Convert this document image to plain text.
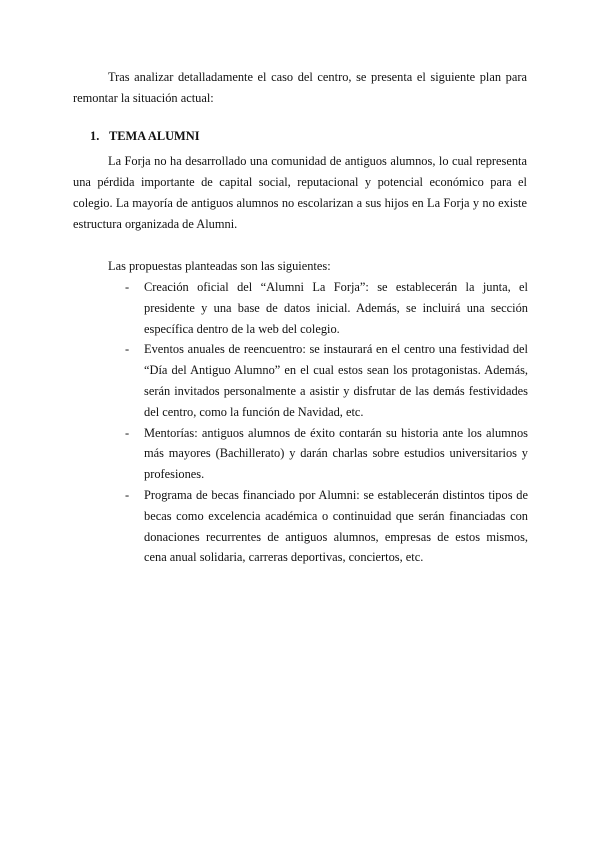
Tras analizar detalladamente el caso del centro, se presenta el siguiente plan para remontar la situación actual:

1. TEMA ALUMNI

La Forja no ha desarrollado una comunidad de antiguos alumnos, lo cual representa una pérdida importante de capital social, reputacional y potencial económico para el colegio. La mayoría de antiguos alumnos no escolarizan a sus hijos en La Forja y no existe estructura organizada de Alumni.

Las propuestas planteadas son las siguientes:

- Creación oficial del “Alumni La Forja”: se establecerán la junta, el presidente y una base de datos inicial. Además, se incluirá una sección específica dentro de la web del colegio.
- Eventos anuales de reencuentro: se instaurará en el centro una festividad del “Día del Antiguo Alumno” en el cual estos sean los protagonistas. Además, serán invitados personalmente a asistir y disfrutar de las demás festividades del centro, como la función de Navidad, etc.
- Mentorías: antiguos alumnos de éxito contarán su historia ante los alumnos más mayores (Bachillerato) y darán charlas sobre estudios universitarios y profesiones.
- Programa de becas financiado por Alumni: se establecerán distintos tipos de becas como excelencia académica o continuidad que serán financiadas con donaciones recurrentes de antiguos alumnos, empresas de estos mismos, cena anual solidaria, carreras deportivas, conciertos, etc.
